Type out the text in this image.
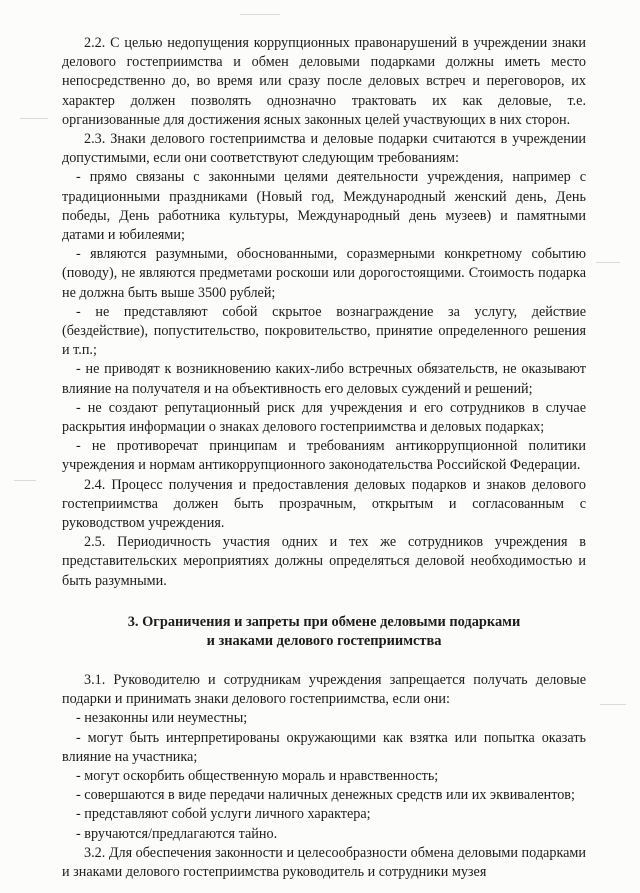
2.2. С целью недопущения коррупционных правонарушений в учреждении знаки делового гостеприимства и обмен деловыми подарками должны иметь место непосредственно до, во время или сразу после деловых встреч и переговоров, их характер должен позволять однозначно трактовать их как деловые, т.е. организованные для достижения ясных законных целей участвующих в них сторон.

2.3. Знаки делового гостеприимства и деловые подарки считаются в учреждении допустимыми, если они соответствуют следующим требованиям:

- прямо связаны с законными целями деятельности учреждения, например с традиционными праздниками (Новый год, Международный женский день, День победы, День работника культуры, Международный день музеев) и памятными датами и юбилеями;

- являются разумными, обоснованными, соразмерными конкретному событию (поводу), не являются предметами роскоши или дорогостоящими. Стоимость подарка не должна быть выше 3500 рублей;

- не представляют собой скрытое вознаграждение за услугу, действие (бездействие), попустительство, покровительство, принятие определенного решения и т.п.;

- не приводят к возникновению каких-либо встречных обязательств, не оказывают влияние на получателя и на объективность его деловых суждений и решений;

- не создают репутационный риск для учреждения и его сотрудников в случае раскрытия информации о знаках делового гостеприимства и деловых подарках;

- не противоречат принципам и требованиям антикоррупционной политики учреждения и нормам антикоррупционного законодательства Российской Федерации.

2.4. Процесс получения и предоставления деловых подарков и знаков делового гостеприимства должен быть прозрачным, открытым и согласованным с руководством учреждения.

2.5. Периодичность участия одних и тех же сотрудников учреждения в представительских мероприятиях должны определяться деловой необходимостью и быть разумными.

3. Ограничения и запреты при обмене деловыми подарками

и знаками делового гостеприимства

3.1. Руководителю и сотрудникам учреждения запрещается получать деловые подарки и принимать знаки делового гостеприимства, если они:

- незаконны или неуместны;

- могут быть интерпретированы окружающими как взятка или попытка оказать влияние на участника;

- могут оскорбить общественную мораль и нравственность;

- совершаются в виде передачи наличных денежных средств или их эквивалентов;

- представляют собой услуги личного характера;

- вручаются/предлагаются тайно.

3.2. Для обеспечения законности и целесообразности обмена деловыми подарками и знаками делового гостеприимства руководитель и сотрудники музея
